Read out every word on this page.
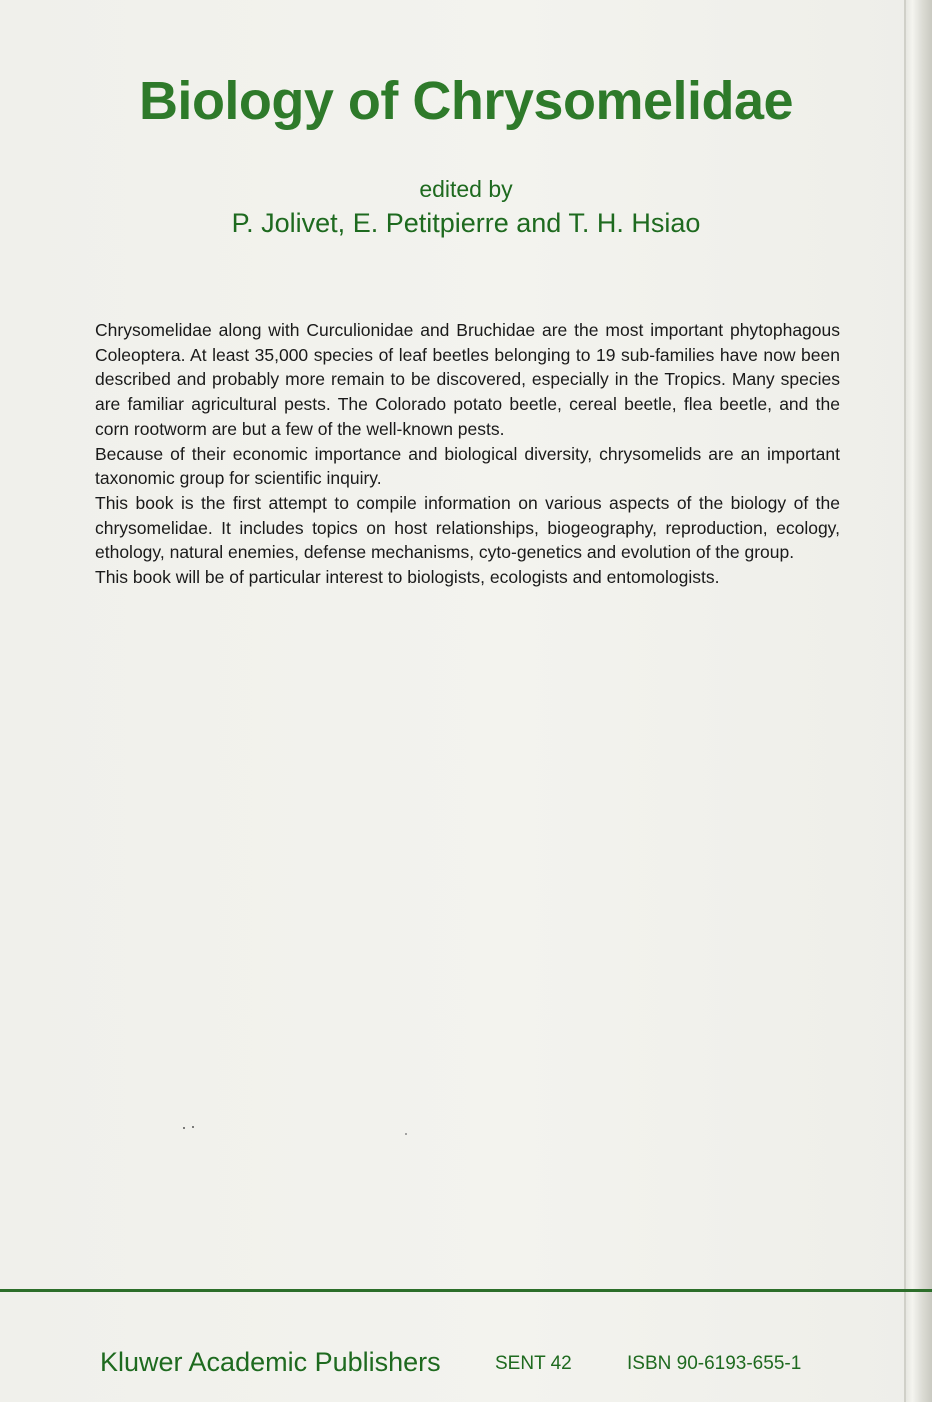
Biology of Chrysomelidae
edited by
P. Jolivet, E. Petitpierre and T. H. Hsiao

Chrysomelidae along with Curculionidae and Bruchidae are the most important phytophagous Coleoptera. At least 35,000 species of leaf beetles belonging to 19 sub-families have now been described and probably more remain to be discovered, especially in the Tropics. Many species are familiar agricultural pests. The Colorado potato beetle, cereal beetle, flea beetle, and the corn rootworm are but a few of the well-known pests.

Because of their economic importance and biological diversity, chrysomelids are an important taxonomic group for scientific inquiry.

This book is the first attempt to compile information on various aspects of the biology of the chrysomelidae. It includes topics on host relationships, biogeography, reproduction, ecology, ethology, natural enemies, defense mechanisms, cyto-genetics and evolution of the group.

This book will be of particular interest to biologists, ecologists and entomologists.

Kluwer Academic Publishers	SENT 42	ISBN 90-6193-655-1
